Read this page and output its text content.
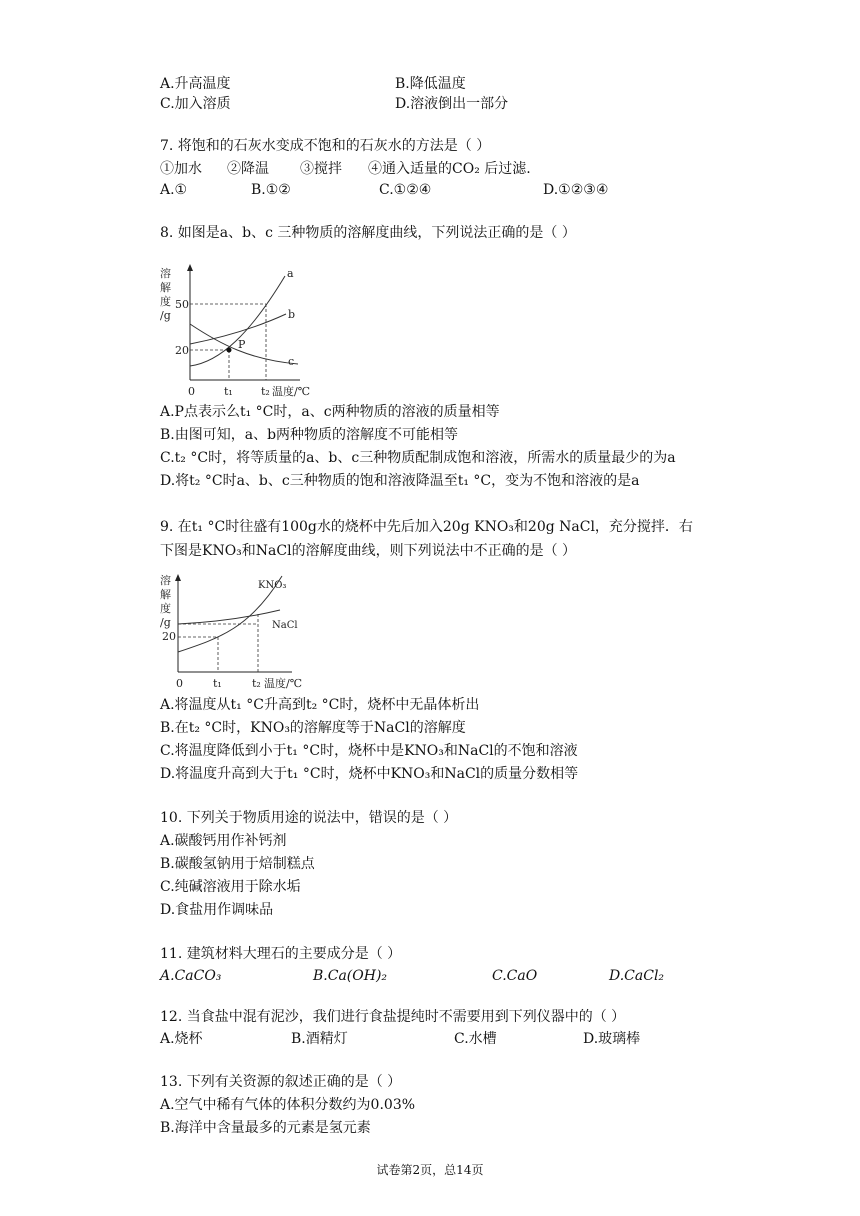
A.升高温度	B.降低温度
C.加入溶质	D.溶液倒出一部分
7. 将饱和的石灰水变成不饱和的石灰水的方法是（ ）
①加水 ②降温 ③搅拌 ④通入适量的CO₂ 后过滤.
A.①	B.①②	C.①②④	D.①②③④
8. 如图是a、b、c 三种物质的溶解度曲线，下列说法正确的是（ ）
溶
解
度
/g
P
a
b
c
50
20
0	t₁	t₂ 温度/℃
A.P点表示么t₁ °C时，a、c两种物质的溶液的质量相等
B.由图可知，a、b两种物质的溶解度不可能相等
C.t₂ °C时，将等质量的a、b、c三种物质配制成饱和溶液，所需水的质量最少的为a
D.将t₂ °C时a、b、c三种物质的饱和溶液降温至t₁ °C，变为不饱和溶液的是a
9. 在t₁ °C时往盛有100g水的烧杯中先后加入20g KNO₃和20g NaCl，充分搅拌．右
下图是KNO₃和NaCl的溶解度曲线，则下列说法中不正确的是（ ）
溶
解
度
/g
KNO₃
NaCl
20
0	t₁	t₂ 温度/℃
A.将温度从t₁ °C升高到t₂ °C时，烧杯中无晶体析出
B.在t₂ °C时，KNO₃的溶解度等于NaCl的溶解度
C.将温度降低到小于t₁ °C时，烧杯中是KNO₃和NaCl的不饱和溶液
D.将温度升高到大于t₁ °C时，烧杯中KNO₃和NaCl的质量分数相等
10. 下列关于物质用途的说法中，错误的是（ ）
A.碳酸钙用作补钙剂
B.碳酸氢钠用于焙制糕点
C.纯碱溶液用于除水垢
D.食盐用作调味品
11. 建筑材料大理石的主要成分是（ ）
A.CaCO₃	B.Ca(OH)₂	C.CaO	D.CaCl₂
12. 当食盐中混有泥沙，我们进行食盐提纯时不需要用到下列仪器中的（ ）
A.烧杯	B.酒精灯	C.水槽	D.玻璃棒
13. 下列有关资源的叙述正确的是（ ）
A.空气中稀有气体的体积分数约为0.03%
B.海洋中含量最多的元素是氢元素
试卷第2页，总14页
